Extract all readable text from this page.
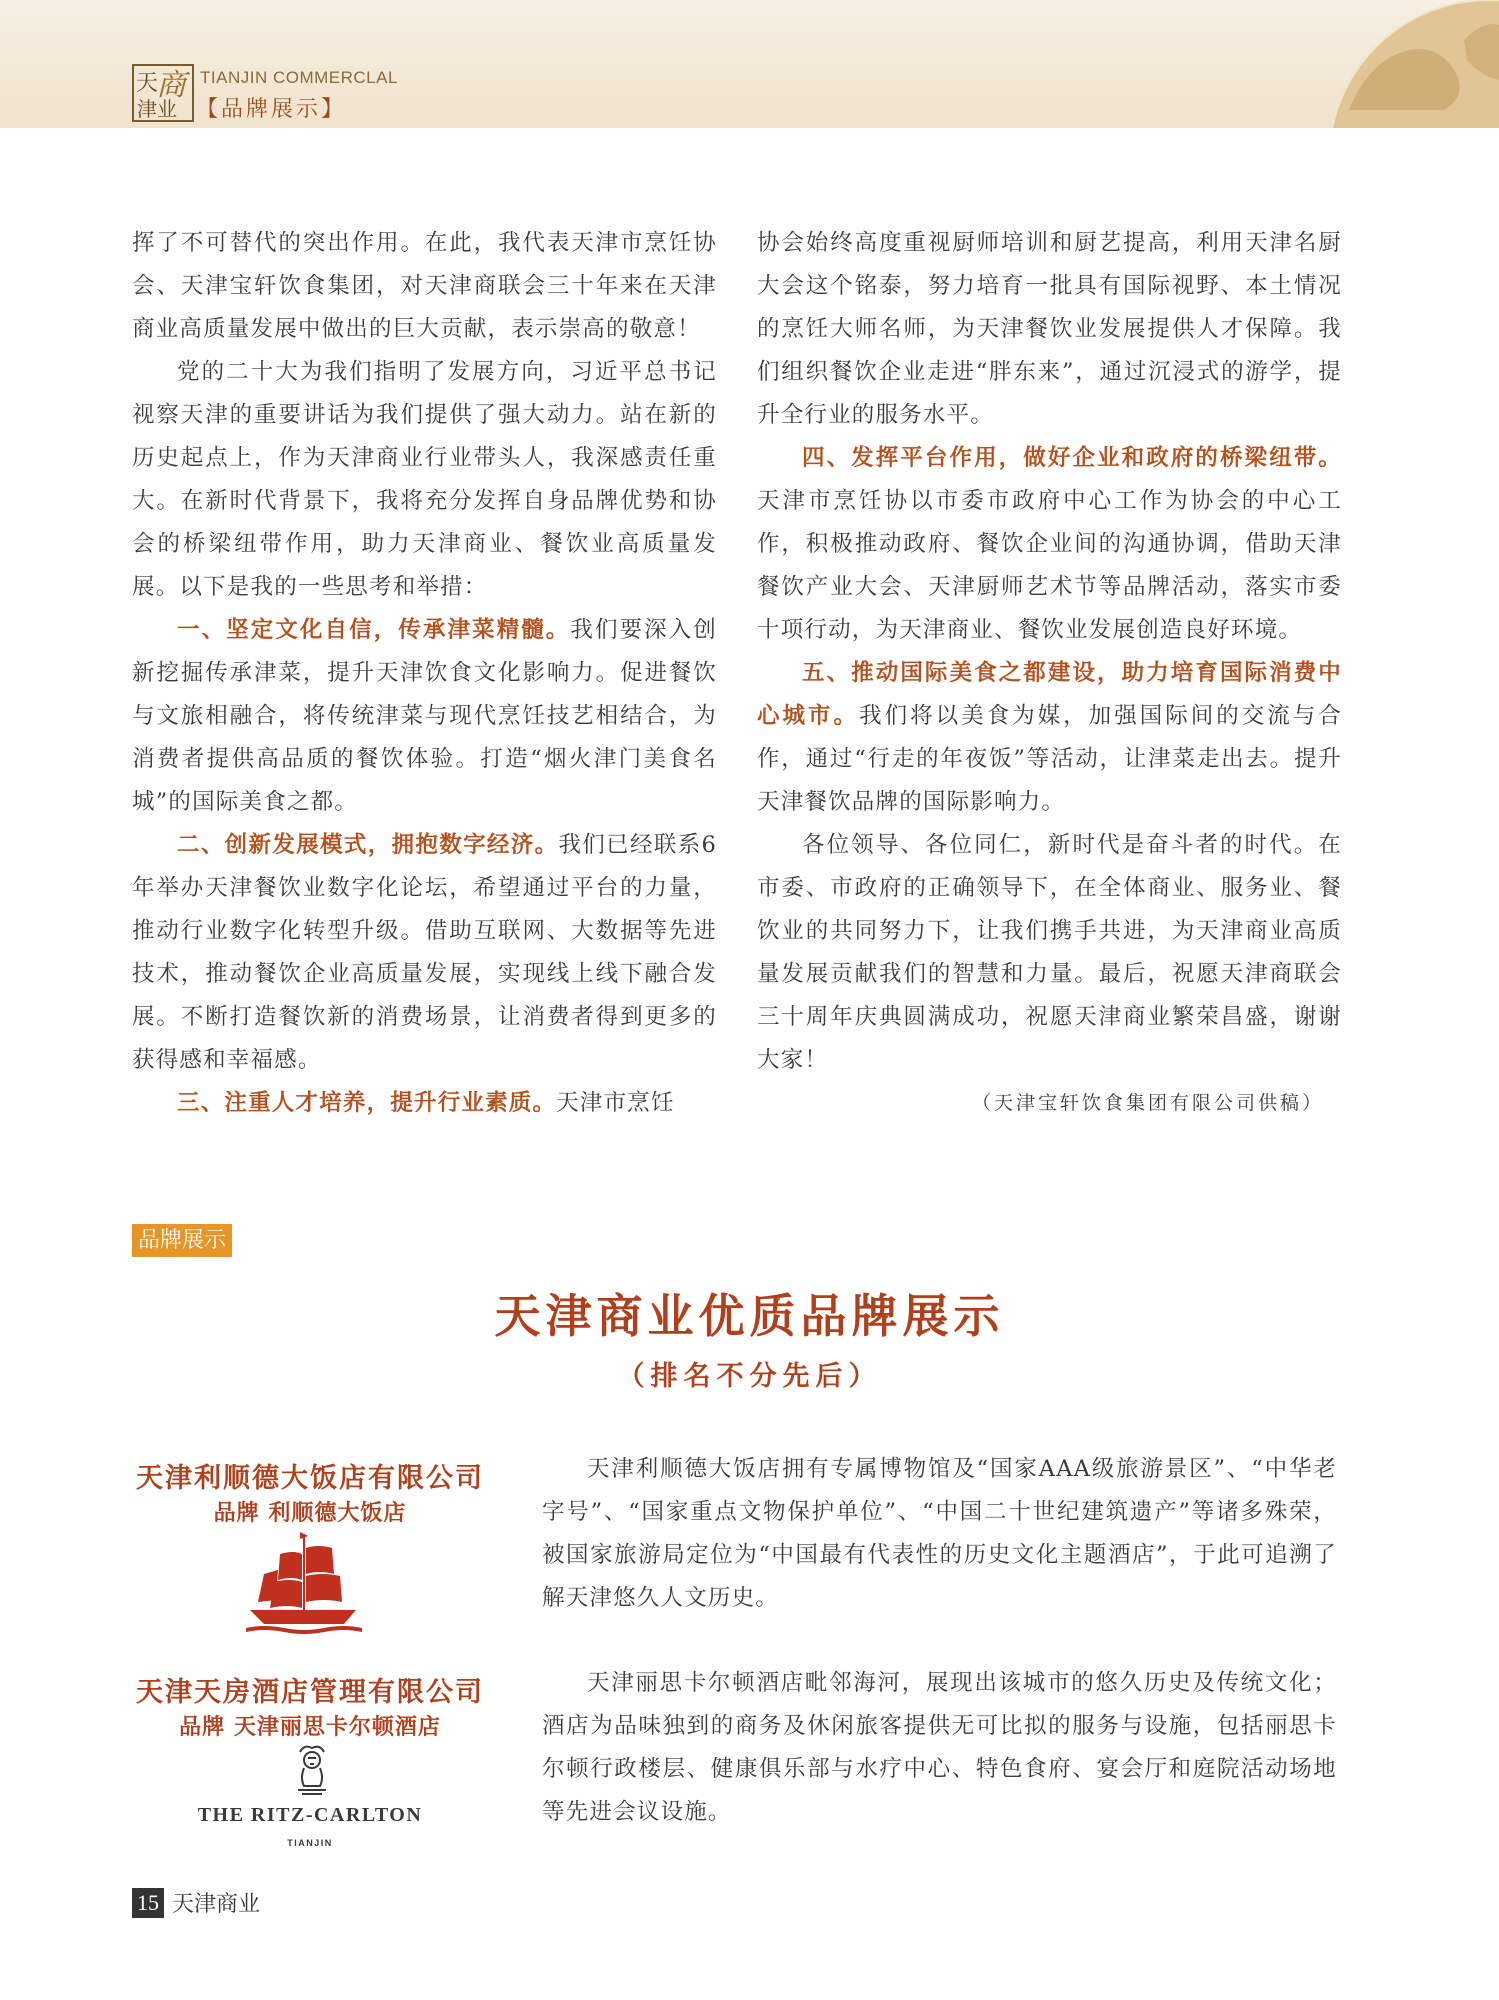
天
商
津业
TIANJIN COMMERCLAL
【品牌展示】

挥了不可替代的突出作用。在此，我代表天津市烹饪协会、天津宝轩饮食集团，对天津商联会三十年来在天津商业高质量发展中做出的巨大贡献，表示崇高的敬意！

党的二十大为我们指明了发展方向，习近平总书记视察天津的重要讲话为我们提供了强大动力。站在新的历史起点上，作为天津商业行业带头人，我深感责任重大。在新时代背景下，我将充分发挥自身品牌优势和协会的桥梁纽带作用，助力天津商业、餐饮业高质量发展。以下是我的一些思考和举措：

一、坚定文化自信，传承津菜精髓。我们要深入创新挖掘传承津菜，提升天津饮食文化影响力。促进餐饮与文旅相融合，将传统津菜与现代烹饪技艺相结合，为消费者提供高品质的餐饮体验。打造“烟火津门美食名城”的国际美食之都。

二、创新发展模式，拥抱数字经济。我们已经联系6年举办天津餐饮业数字化论坛，希望通过平台的力量，推动行业数字化转型升级。借助互联网、大数据等先进技术，推动餐饮企业高质量发展，实现线上线下融合发展。不断打造餐饮新的消费场景，让消费者得到更多的获得感和幸福感。

三、注重人才培养，提升行业素质。天津市烹饪

协会始终高度重视厨师培训和厨艺提高，利用天津名厨大会这个铭泰，努力培育一批具有国际视野、本土情况的烹饪大师名师，为天津餐饮业发展提供人才保障。我们组织餐饮企业走进“胖东来”，通过沉浸式的游学，提升全行业的服务水平。

四、发挥平台作用，做好企业和政府的桥梁纽带。天津市烹饪协以市委市政府中心工作为协会的中心工作，积极推动政府、餐饮企业间的沟通协调，借助天津餐饮产业大会、天津厨师艺术节等品牌活动，落实市委十项行动，为天津商业、餐饮业发展创造良好环境。

五、推动国际美食之都建设，助力培育国际消费中心城市。我们将以美食为媒，加强国际间的交流与合作，通过“行走的年夜饭”等活动，让津菜走出去。提升天津餐饮品牌的国际影响力。

各位领导、各位同仁，新时代是奋斗者的时代。在市委、市政府的正确领导下，在全体商业、服务业、餐饮业的共同努力下，让我们携手共进，为天津商业高质量发展贡献我们的智慧和力量。最后，祝愿天津商联会三十周年庆典圆满成功，祝愿天津商业繁荣昌盛，谢谢大家！

（天津宝轩饮食集团有限公司供稿）

品牌展示
天津商业优质品牌展示
（排名不分先后）
天津利顺德大饭店有限公司
品牌 利顺德大饭店
天津利顺德大饭店拥有专属博物馆及“国家AAA级旅游景区”、“中华老字号”、“国家重点文物保护单位”、“中国二十世纪建筑遗产”等诸多殊荣，被国家旅游局定位为“中国最有代表性的历史文化主题酒店”，于此可追溯了解天津悠久人文历史。
天津天房酒店管理有限公司
品牌 天津丽思卡尔顿酒店
THE RITZ-CARLTON
TIANJIN
天津丽思卡尔顿酒店毗邻海河，展现出该城市的悠久历史及传统文化；酒店为品味独到的商务及休闲旅客提供无可比拟的服务与设施，包括丽思卡尔顿行政楼层、健康俱乐部与水疗中心、特色食府、宴会厅和庭院活动场地等先进会议设施。
15 天津商业
